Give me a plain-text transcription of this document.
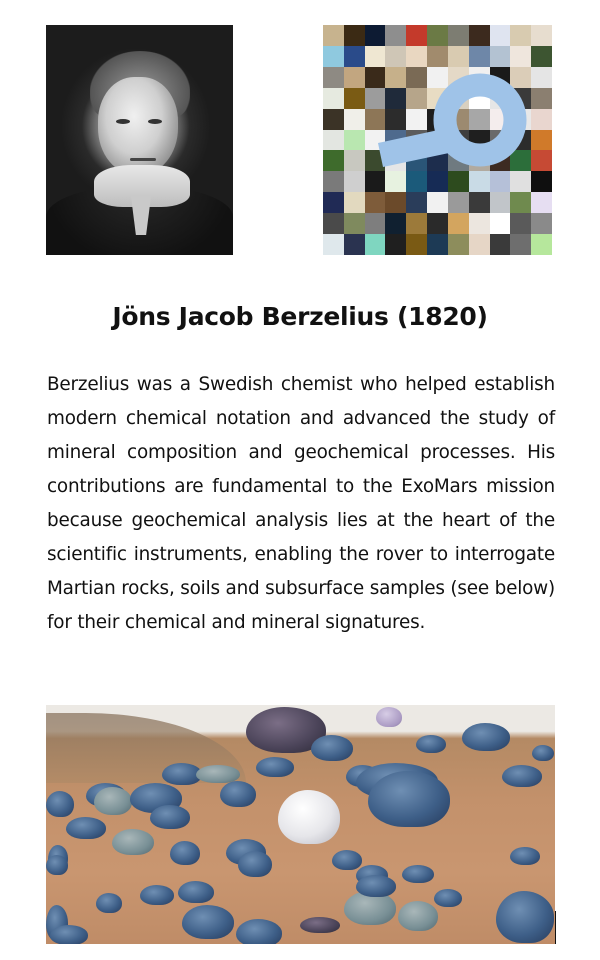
Jöns Jacob Berzelius (1820)
Berzelius was a Swedish chemist who helped establish modern chemical notation and advanced the study of mineral composition and geochemical processes. His contributions are fundamental to the ExoMars mission because geochemical analysis lies at the heart of the scientific instruments, enabling the rover to interrogate Martian rocks, soils and subsurface samples (see below) for their chemical and mineral signatures.
